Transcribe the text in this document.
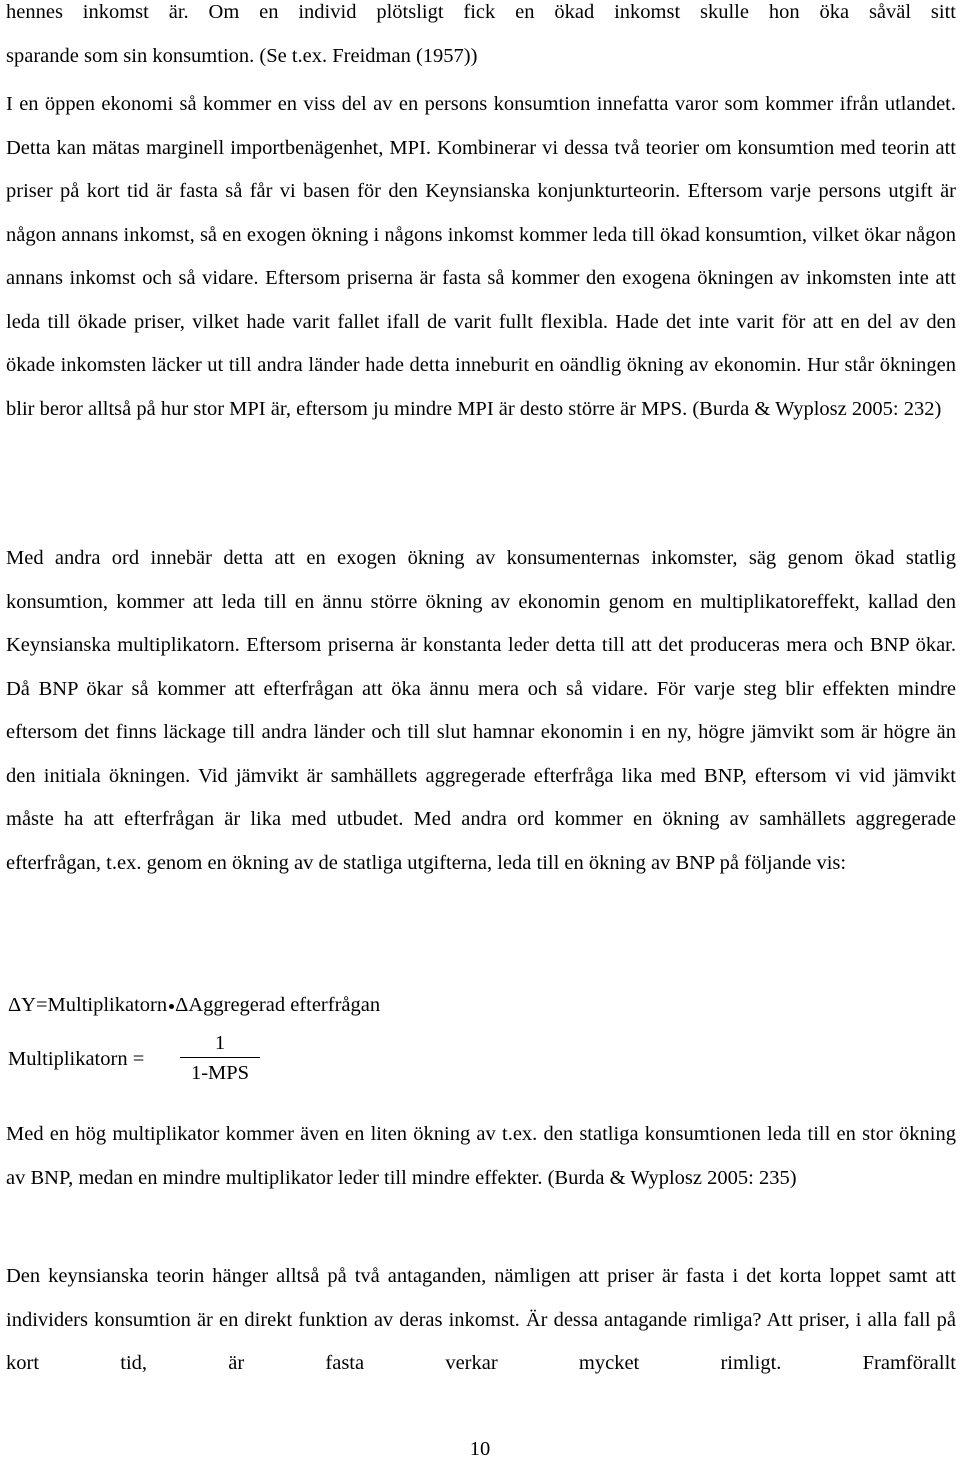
hennes inkomst är. Om en individ plötsligt fick en ökad inkomst skulle hon öka såväl sitt
sparande som sin konsumtion. (Se t.ex. Freidman (1957))

I en öppen ekonomi så kommer en viss del av en persons konsumtion innefatta varor som kommer ifrån utlandet. Detta kan mätas marginell importbenägenhet, MPI. Kombinerar vi dessa två teorier om konsumtion med teorin att priser på kort tid är fasta så får vi basen för den Keynsianska konjunkturteorin. Eftersom varje persons utgift är någon annans inkomst, så en exogen ökning i någons inkomst kommer leda till ökad konsumtion, vilket ökar någon annans inkomst och så vidare. Eftersom priserna är fasta så kommer den exogena ökningen av inkomsten inte att leda till ökade priser, vilket hade varit fallet ifall de varit fullt flexibla. Hade det inte varit för att en del av den ökade inkomsten läcker ut till andra länder hade detta inneburit en oändlig ökning av ekonomin. Hur står ökningen blir beror alltså på hur stor MPI är, eftersom ju mindre MPI är desto större är MPS. (Burda & Wyplosz 2005: 232)

Med andra ord innebär detta att en exogen ökning av konsumenternas inkomster, säg genom ökad statlig konsumtion, kommer att leda till en ännu större ökning av ekonomin genom en multiplikatoreffekt, kallad den Keynsianska multiplikatorn. Eftersom priserna är konstanta leder detta till att det produceras mera och BNP ökar. Då BNP ökar så kommer att efterfrågan att öka ännu mera och så vidare. För varje steg blir effekten mindre eftersom det finns läckage till andra länder och till slut hamnar ekonomin i en ny, högre jämvikt som är högre än den initiala ökningen. Vid jämvikt är samhällets aggregerade efterfråga lika med BNP, eftersom vi vid jämvikt måste ha att efterfrågan är lika med utbudet. Med andra ord kommer en ökning av samhällets aggregerade efterfrågan, t.ex. genom en ökning av de statliga utgifterna, leda till en ökning av BNP på följande vis:

ΔY=Multiplikatorn ΔAggregerad efterfrågan
Multiplikatorn =
1
1-MPS

Med en hög multiplikator kommer även en liten ökning av t.ex. den statliga konsumtionen leda till en stor ökning av BNP, medan en mindre multiplikator leder till mindre effekter. (Burda & Wyplosz 2005: 235)

Den keynsianska teorin hänger alltså på två antaganden, nämligen att priser är fasta i det korta loppet samt att individers konsumtion är en direkt funktion av deras inkomst. Är dessa antagande rimliga? Att priser, i alla fall på kort tid, är fasta verkar mycket rimligt. Framförallt

10
